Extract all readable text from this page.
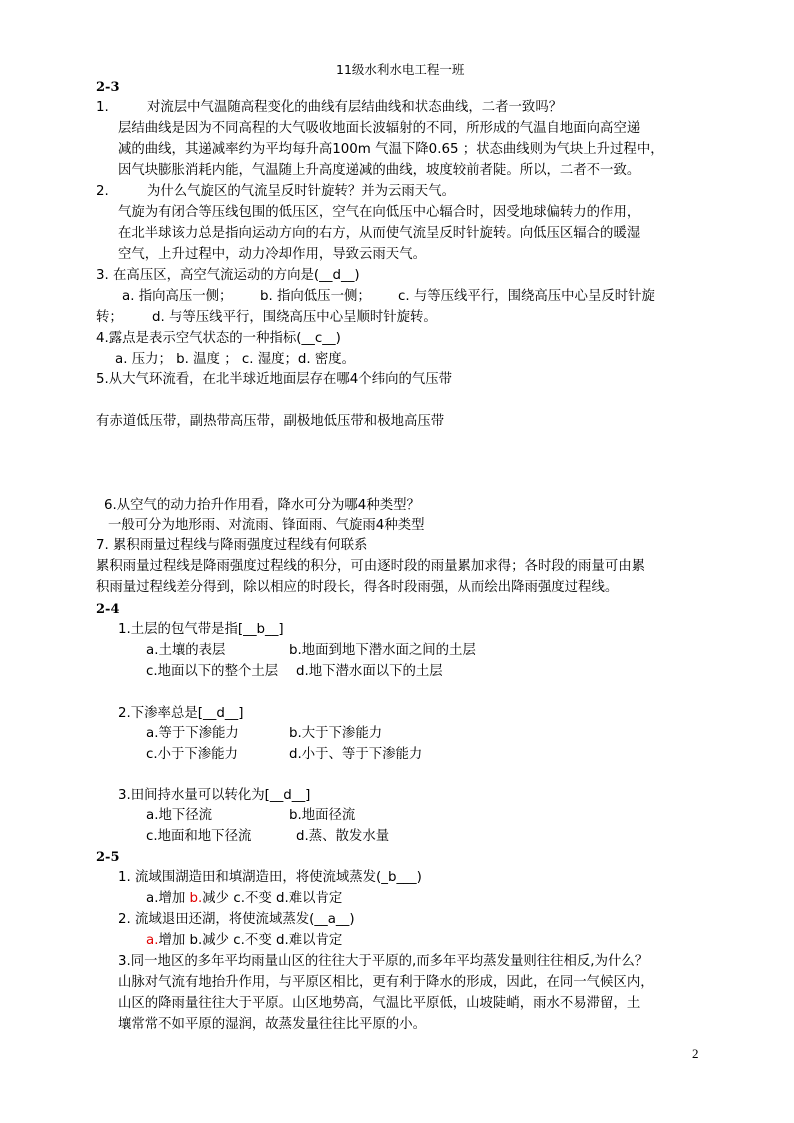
11级水利水电工程一班
2-3
1.	对流层中气温随高程变化的曲线有层结曲线和状态曲线，二者一致吗？
层结曲线是因为不同高程的大气吸收地面长波辐射的不同，所形成的气温自地面向高空递
减的曲线，其递减率约为平均每升高100m 气温下降0.65 ；状态曲线则为气块上升过程中，
因气块膨胀消耗内能，气温随上升高度递减的曲线，坡度较前者陡。所以，二者不一致。
2.	为什么气旋区的气流呈反时针旋转？并为云雨天气。
气旋为有闭合等压线包围的低压区，空气在向低压中心辐合时，因受地球偏转力的作用，
在北半球该力总是指向运动方向的右方，从而使气流呈反时针旋转。向低压区辐合的暖湿
空气，上升过程中，动力冷却作用，导致云雨天气。
3. 在高压区，高空气流运动的方向是(__d__)
a. 指向高压一侧； b. 指向低压一侧； c. 与等压线平行，围绕高压中心呈反时针旋
转； d. 与等压线平行，围绕高压中心呈顺时针旋转。
4.露点是表示空气状态的一种指标(__c__)
a. 压力； b. 温度 ； c. 湿度；d. 密度。
5.从大气环流看，在北半球近地面层存在哪4个纬向的气压带
有赤道低压带，副热带高压带，副极地低压带和极地高压带
6.从空气的动力抬升作用看，降水可分为哪4种类型？
一般可分为地形雨、对流雨、锋面雨、气旋雨4种类型
7. 累积雨量过程线与降雨强度过程线有何联系
累积雨量过程线是降雨强度过程线的积分，可由逐时段的雨量累加求得；各时段的雨量可由累
积雨量过程线差分得到，除以相应的时段长，得各时段雨强，从而绘出降雨强度过程线。
2-4
1.土层的包气带是指[__b__]
a.土壤的表层	b.地面到地下潜水面之间的土层
c.地面以下的整个土层 d.地下潜水面以下的土层
2.下渗率总是[__d__]
a.等于下渗能力	b.大于下渗能力
c.小于下渗能力	d.小于、等于下渗能力
3.田间持水量可以转化为[__d__]
a.地下径流	b.地面径流
c.地面和地下径流	d.蒸、散发水量
2-5
1. 流域围湖造田和填湖造田，将使流域蒸发(_b___)
a.增加 b.减少 c.不变 d.难以肯定
2. 流域退田还湖，将使流域蒸发(__a__)
a.增加 b.减少 c.不变 d.难以肯定
3.同一地区的多年平均雨量山区的往往大于平原的,而多年平均蒸发量则往往相反,为什么？
山脉对气流有地抬升作用，与平原区相比，更有利于降水的形成，因此，在同一气候区内，
山区的降雨量往往大于平原。山区地势高，气温比平原低，山坡陡峭，雨水不易滞留，土
壤常常不如平原的湿润，故蒸发量往往比平原的小。
2
